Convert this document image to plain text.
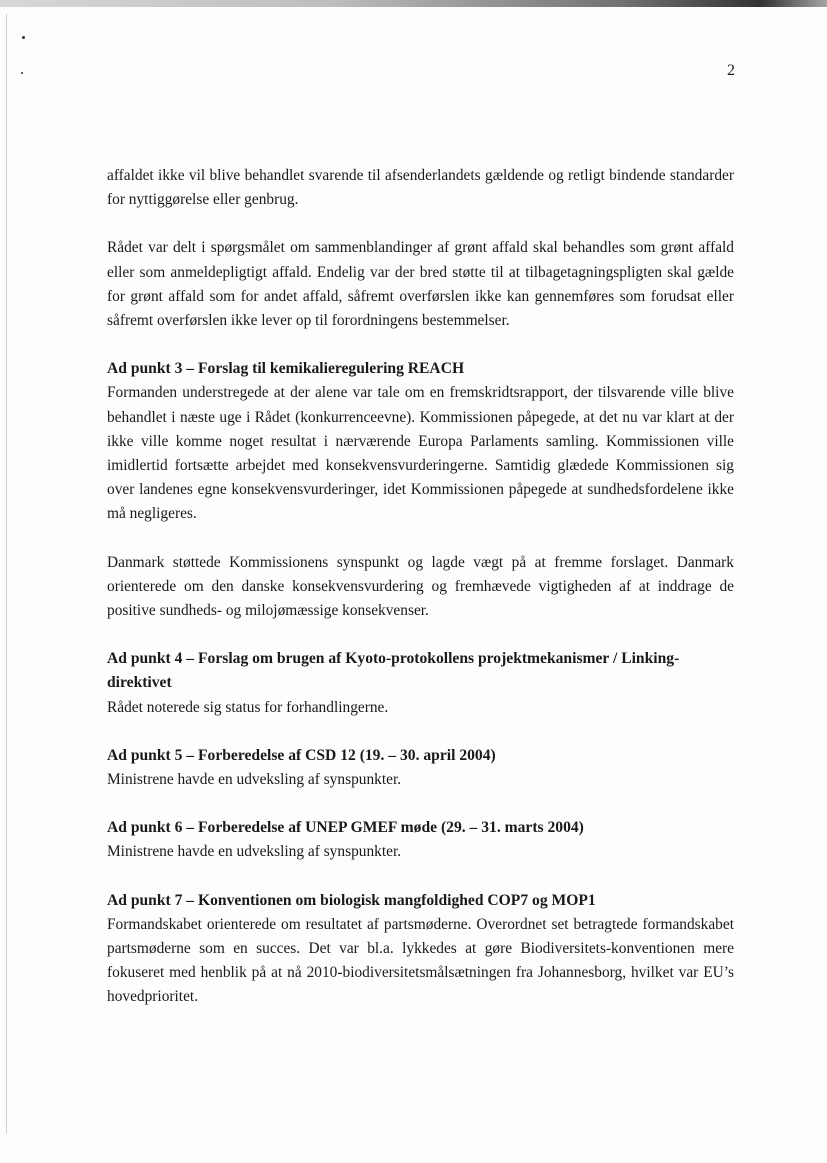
2

affaldet ikke vil blive behandlet svarende til afsenderlandets gældende og retligt bindende standarder for nyttiggørelse eller genbrug.

Rådet var delt i spørgsmålet om sammenblandinger af grønt affald skal behandles som grønt affald eller som anmeldepligtigt affald. Endelig var der bred støtte til at tilbagetagningspligten skal gælde for grønt affald som for andet affald, såfremt overførslen ikke kan gennemføres som forudsat eller såfremt overførslen ikke lever op til forordningens bestemmelser.

Ad punkt 3 – Forslag til kemikalieregulering REACH

Formanden understregede at der alene var tale om en fremskridtsrapport, der tilsvarende ville blive behandlet i næste uge i Rådet (konkurrenceevne). Kommissionen påpegede, at det nu var klart at der ikke ville komme noget resultat i nærværende Europa Parlaments samling. Kommissionen ville imidlertid fortsætte arbejdet med konsekvensvurderingerne. Samtidig glædede Kommissionen sig over landenes egne konsekvensvurderinger, idet Kommissionen påpegede at sundhedsfordelene ikke må negligeres.

Danmark støttede Kommissionens synspunkt og lagde vægt på at fremme forslaget. Danmark orienterede om den danske konsekvensvurdering og fremhævede vigtigheden af at inddrage de positive sundheds- og milojømæssige konsekvenser.

Ad punkt 4 – Forslag om brugen af Kyoto-protokollens projektmekanismer / Linking-direktivet

Rådet noterede sig status for forhandlingerne.

Ad punkt 5 – Forberedelse af CSD 12 (19. – 30. april 2004)

Ministrene havde en udveksling af synspunkter.

Ad punkt 6 – Forberedelse af UNEP GMEF møde (29. – 31. marts 2004)

Ministrene havde en udveksling af synspunkter.

Ad punkt 7 – Konventionen om biologisk mangfoldighed COP7 og MOP1

Formandskabet orienterede om resultatet af partsmøderne. Overordnet set betragtede formandskabet partsmøderne som en succes. Det var bl.a. lykkedes at gøre Biodiversitets-konventionen mere fokuseret med henblik på at nå 2010-biodiversitetsmålsætningen fra Johannesborg, hvilket var EU’s hovedprioritet.
